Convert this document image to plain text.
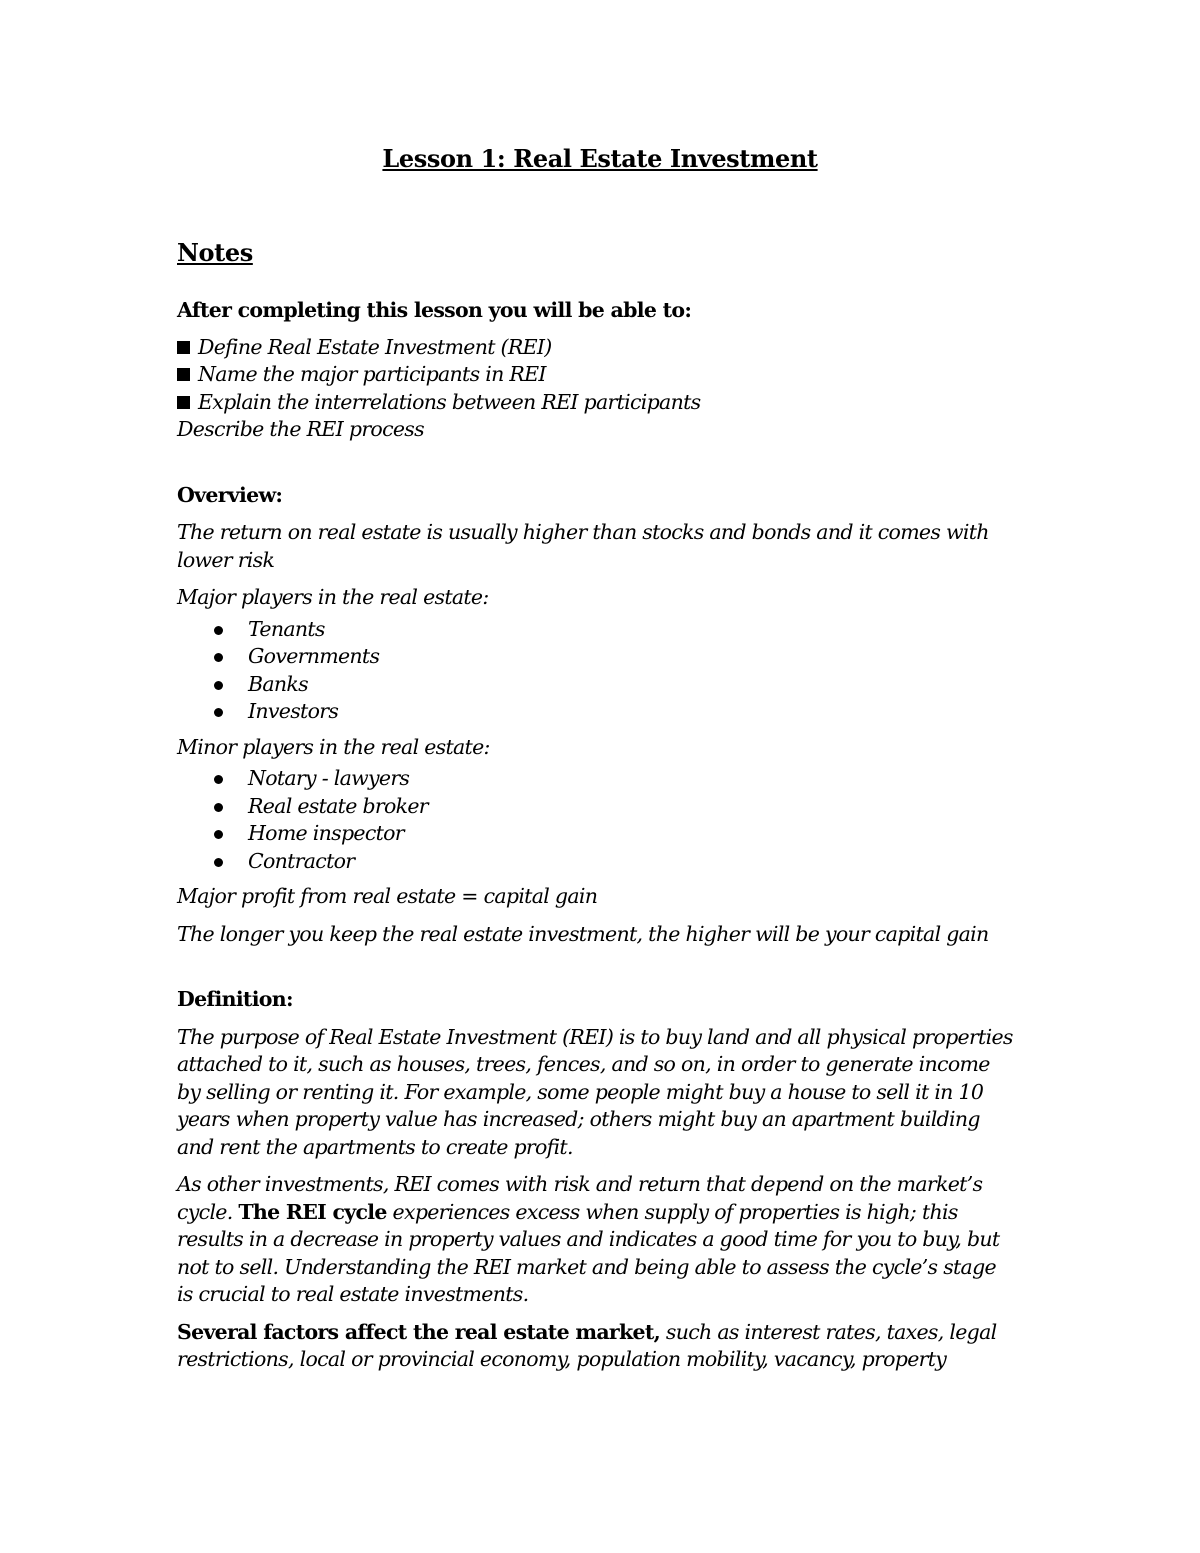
Lesson 1: Real Estate Investment
Notes

After completing this lesson you will be able to:

Define Real Estate Investment (REI)
Name the major participants in REI
Explain the interrelations between REI participants

Describe the REI process

Overview:

The return on real estate is usually higher than stocks and bonds and it comes with lower risk

Major players in the real estate:

Tenants
Governments
Banks
Investors

Minor players in the real estate:

Notary - lawyers
Real estate broker
Home inspector
Contractor

Major profit from real estate = capital gain

The longer you keep the real estate investment, the higher will be your capital gain

Definition:

The purpose of Real Estate Investment (REI) is to buy land and all physical properties attached to it, such as houses, trees, fences, and so on, in order to generate income by selling or renting it. For example, some people might buy a house to sell it in 10 years when property value has increased; others might buy an apartment building and rent the apartments to create profit.

As other investments, REI comes with risk and return that depend on the market’s cycle. The REI cycle experiences excess when supply of properties is high; this results in a decrease in property values and indicates a good time for you to buy, but not to sell. Understanding the REI market and being able to assess the cycle’s stage is crucial to real estate investments.

Several factors affect the real estate market, such as interest rates, taxes, legal restrictions, local or provincial economy, population mobility, vacancy, property
